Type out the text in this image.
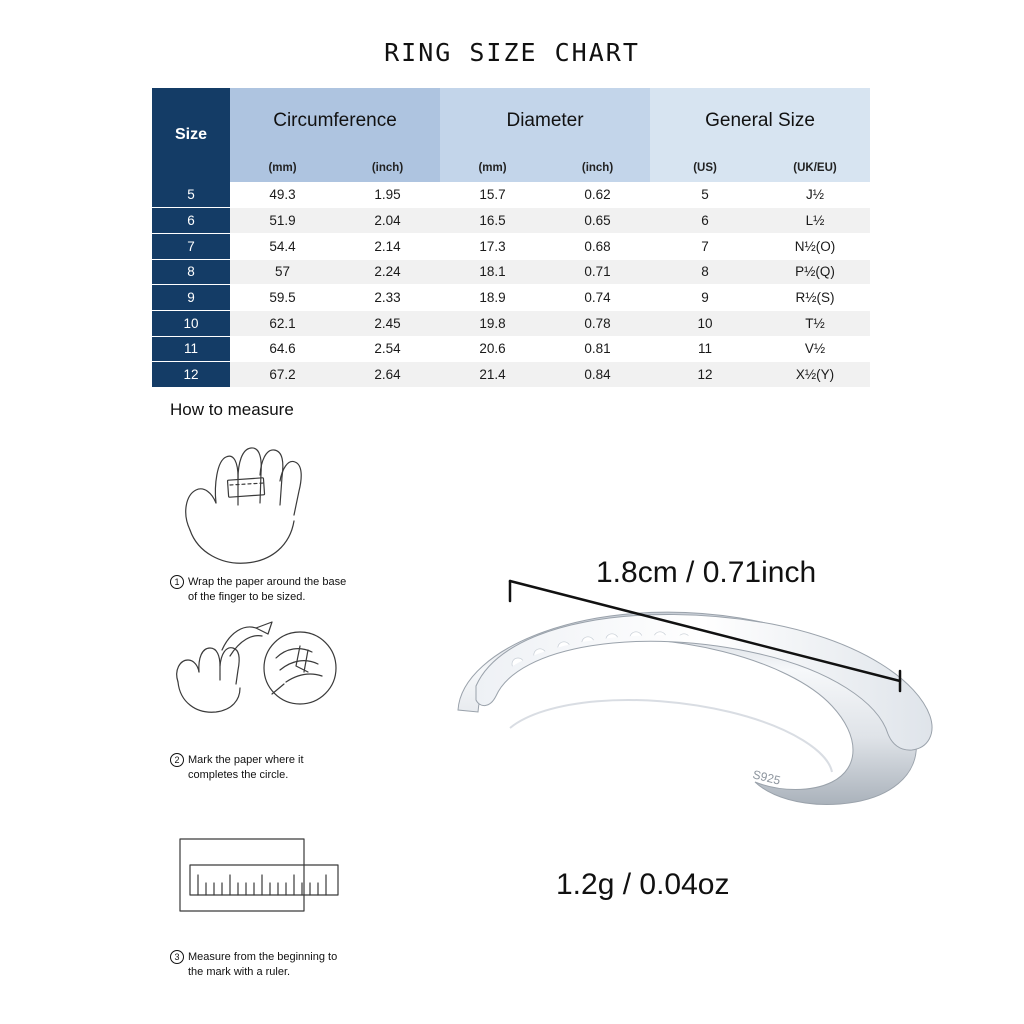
RING SIZE CHART
Size	Circumference		Diameter		General Size	
	(mm)	(inch)	(mm)	(inch)	(US)	(UK/EU)
5	49.3	1.95	15.7	0.62	5	J½
6	51.9	2.04	16.5	0.65	6	L½
7	54.4	2.14	17.3	0.68	7	N½(O)
8	57	2.24	18.1	0.71	8	P½(Q)
9	59.5	2.33	18.9	0.74	9	R½(S)
10	62.1	2.45	19.8	0.78	10	T½
11	64.6	2.54	20.6	0.81	11	V½
12	67.2	2.64	21.4	0.84	12	X½(Y)
How to measure
1 Wrap the paper around the base of the finger to be sized.
2 Mark the paper where it completes the circle.
3 Measure from the beginning to the mark with a ruler.
S925
1.8cm / 0.71inch
1.2g / 0.04oz
